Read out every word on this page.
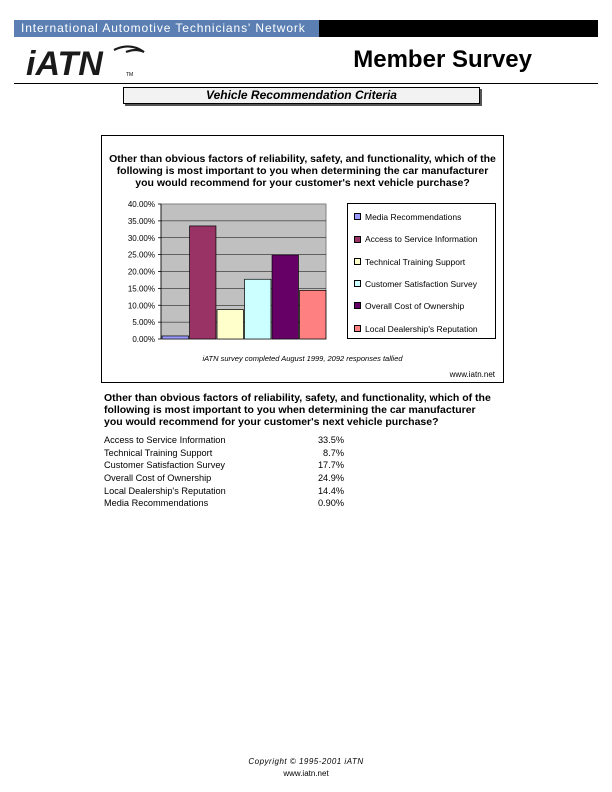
International Automotive Technicians' Network
iATN	TM
Member Survey
Vehicle Recommendation Criteria
Other than obvious factors of reliability, safety, and functionality, which of the
following is most important to you when determining the car manufacturer
you would recommend for your customer's next vehicle purchase?
0.00%
5.00%
10.00%
15.00%
20.00%
25.00%
30.00%
35.00%
40.00%
Media Recommendations
Access to Service Information
Technical Training Support
Customer Satisfaction Survey
Overall Cost of Ownership
Local Dealership's Reputation
iATN survey completed August 1999, 2092 responses tallied
www.iatn.net
Other than obvious factors of reliability, safety, and functionality, which of the
following is most important to you when determining the car manufacturer
you would recommend for your customer's next vehicle purchase?
Access to Service Information	33.5%
Technical Training Support	8.7%
Customer Satisfaction Survey	17.7%
Overall Cost of Ownership	24.9%
Local Dealership's Reputation	14.4%
Media Recommendations	0.90%
Copyright © 1995-2001 iATN
www.iatn.net
